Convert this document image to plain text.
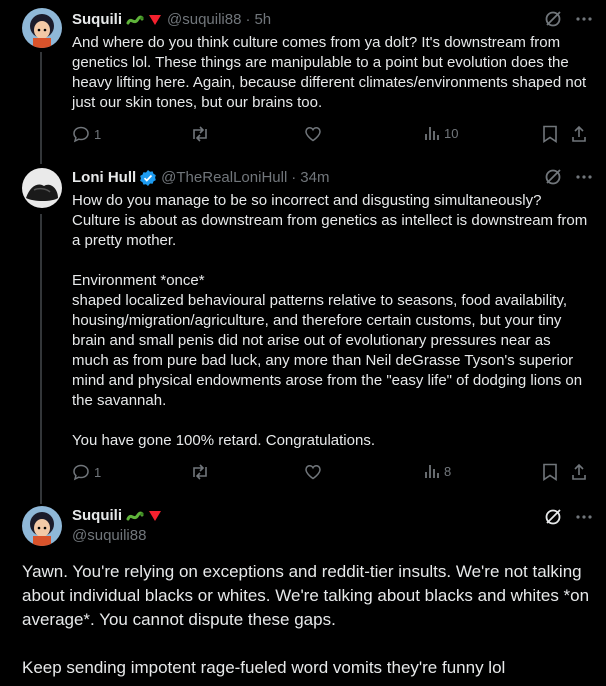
Suquili	@suquili88 · 5h
And where do you think culture comes from ya dolt? It's downstream from genetics lol. These things are manipulable to a point but evolution does the heavy lifting here. Again, because different climates/environments shaped not just our skin tones, but our brains too.
1	10
Loni Hull @TheRealLoniHull · 34m

How do you manage to be so incorrect and disgusting simultaneously? Culture is about as downstream from genetics as intellect is downstream from a pretty mother.

Environment *once*

shaped localized behavioural patterns relative to seasons, food availability, housing/migration/agriculture, and therefore certain customs, but your tiny brain and small penis did not arise out of evolutionary pressures near as much as from pure bad luck, any more than Neil deGrasse Tyson's superior mind and physical endowments arose from the "easy life" of dodging lions on the savannah.

You have gone 100% retard. Congratulations.

1	8
Suquili
@suquili88

Yawn. You're relying on exceptions and reddit-tier insults. We're not talking about individual blacks or whites. We're talking about blacks and whites *on average*. You cannot dispute these gaps.

Keep sending impotent rage-fueled word vomits they're funny lol
